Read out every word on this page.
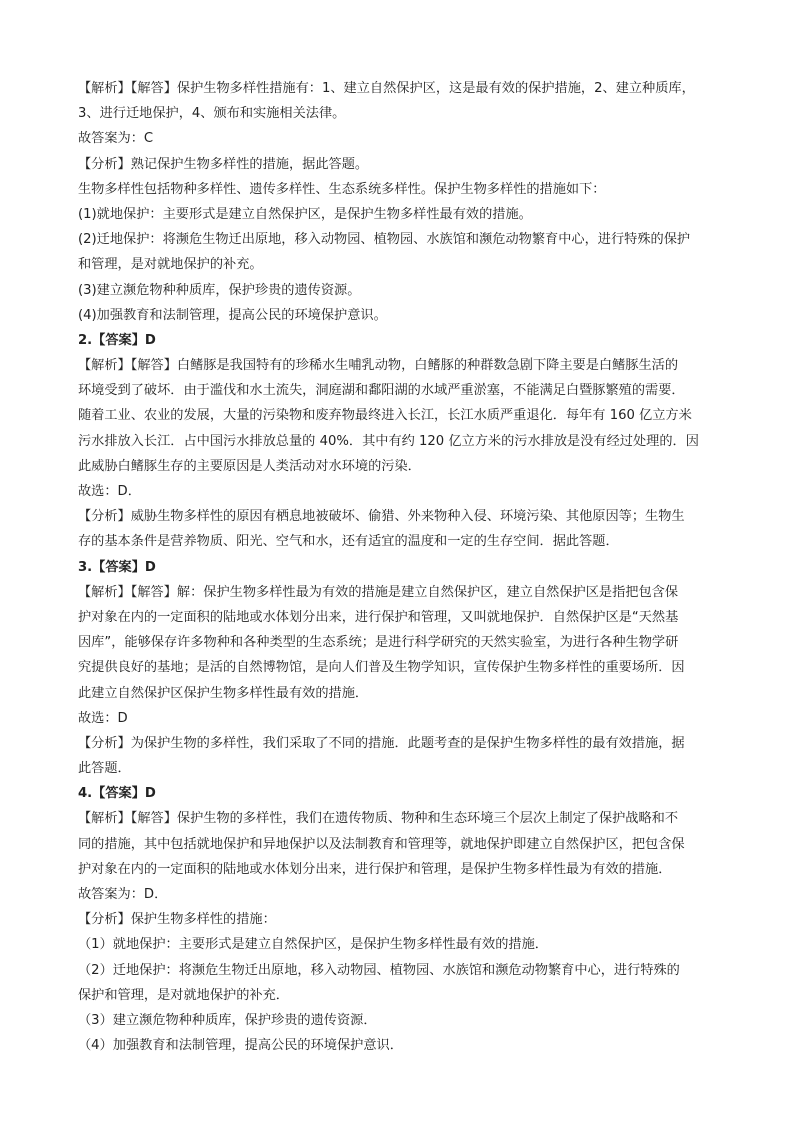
【解析】【解答】保护生物多样性措施有：1、建立自然保护区，这是最有效的保护措施，2、建立种质库，
3、进行迁地保护，4、颁布和实施相关法律。
故答案为：C
【分析】熟记保护生物多样性的措施，据此答题。
生物多样性包括物种多样性、遗传多样性、生态系统多样性。保护生物多样性的措施如下：
(1)就地保护：主要形式是建立自然保护区，是保护生物多样性最有效的措施。
(2)迁地保护：将濒危生物迁出原地，移入动物园、植物园、水族馆和濒危动物繁育中心，进行特殊的保护
和管理，是对就地保护的补充。
(3)建立濒危物种种质库，保护珍贵的遗传资源。
(4)加强教育和法制管理，提高公民的环境保护意识。
2.【答案】D
【解析】【解答】白鳍豚是我国特有的珍稀水生哺乳动物，白鳍豚的种群数急剧下降主要是白鳍豚生活的
环境受到了破坏．由于滥伐和水土流失，洞庭湖和鄱阳湖的水域严重淤塞，不能满足白暨豚繁殖的需要．
随着工业、农业的发展，大量的污染物和废弃物最终进入长江，长江水质严重退化．每年有 160 亿立方米
污水排放入长江．占中国污水排放总量的 40%．其中有约 120 亿立方米的污水排放是没有经过处理的．因
此威胁白鳍豚生存的主要原因是人类活动对水环境的污染．
故选：D．
【分析】威胁生物多样性的原因有栖息地被破坏、偷猎、外来物种入侵、环境污染、其他原因等；生物生
存的基本条件是营养物质、阳光、空气和水，还有适宜的温度和一定的生存空间．据此答题．
3.【答案】D
【解析】【解答】解：保护生物多样性最为有效的措施是建立自然保护区，建立自然保护区是指把包含保
护对象在内的一定面积的陆地或水体划分出来，进行保护和管理，又叫就地保护．自然保护区是“天然基
因库”，能够保存许多物种和各种类型的生态系统；是进行科学研究的天然实验室，为进行各种生物学研
究提供良好的基地；是活的自然博物馆，是向人们普及生物学知识，宣传保护生物多样性的重要场所．因
此建立自然保护区保护生物多样性最有效的措施．
故选：D
【分析】为保护生物的多样性，我们采取了不同的措施．此题考查的是保护生物多样性的最有效措施，据
此答题．
4.【答案】D
【解析】【解答】保护生物的多样性，我们在遗传物质、物种和生态环境三个层次上制定了保护战略和不
同的措施，其中包括就地保护和异地保护以及法制教育和管理等，就地保护即建立自然保护区，把包含保
护对象在内的一定面积的陆地或水体划分出来，进行保护和管理，是保护生物多样性最为有效的措施．
故答案为：D．
【分析】保护生物多样性的措施：
（1）就地保护：主要形式是建立自然保护区，是保护生物多样性最有效的措施．
（2）迁地保护：将濒危生物迁出原地，移入动物园、植物园、水族馆和濒危动物繁育中心，进行特殊的
保护和管理，是对就地保护的补充．
（3）建立濒危物种种质库，保护珍贵的遗传资源．
（4）加强教育和法制管理，提高公民的环境保护意识．
